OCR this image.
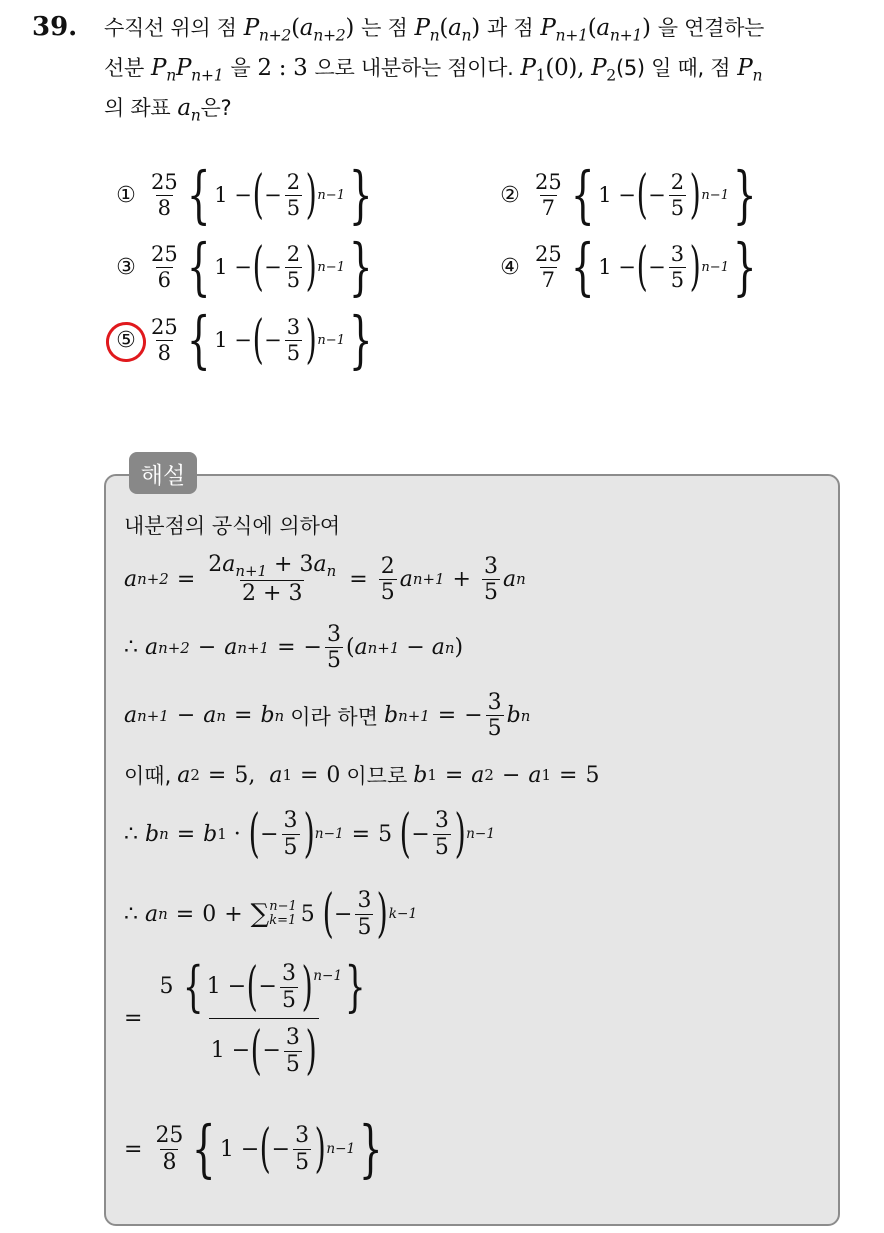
39. 수직선 위의 점 $P_{n+2}(a_{n+2})$ 는 점 $P_n(a_n)$ 과 점 $P_{n+1}(a_{n+1})$ 을 연결하는
선분 $P_nP_{n+1}$ 을 2 : 3 으로 내분하는 점이다. $P_1(0)$, $P_2(5)$ 일 때, 점 $P_n$
의 좌표 $a_n$은?
① $\frac{25}{8}$ { 1 − ( − $\frac{2}{5}$ ) n−1 }	② $\frac{25}{7}$ { 1 − ( − $\frac{2}{5}$ ) n−1 }
③ $\frac{25}{6}$ { 1 − ( − $\frac{2}{5}$ ) n−1 }	④ $\frac{25}{7}$ { 1 − ( − $\frac{3}{5}$ ) n−1 }
⑤ $\frac{25}{8}$ { 1 − ( − $\frac{3}{5}$ ) n−1 }
해설
내분점의 공식에 의하여
a $n+2 = \frac{2a_{n+1} + 3a_n}{2 + 3} = \frac{2}{5}$ a $n+1 + \frac{3}{5}$ a n
∴
a n+2 − a n+1 = − $\frac{3}{5}$ ( a n+1 − a n )
a n+1 − a n = b n 이라 하면 b n+1 = − $\frac{3}{5}$ b n
이때, a 2 = 5, a 1 = 0 이므로 b 1 = a 2 − a 1 = 5
∴
b n = b 1 · ( − $\frac{3}{5}$ ) n−1 = 5 ( − $\frac{3}{5}$ ) n−1
∴
a n = 0 + ∑ n−1
k=1 5 ( − $\frac{3}{5}$ ) k−1
= $\frac{5 \{ 1 -(- \frac{3}{5} )^{n-1}\}}{1 -(- \frac{3}{5} )}$
= $\frac{25}{8}$ { 1 − ( − $\frac{3}{5}$ ) n−1 }
